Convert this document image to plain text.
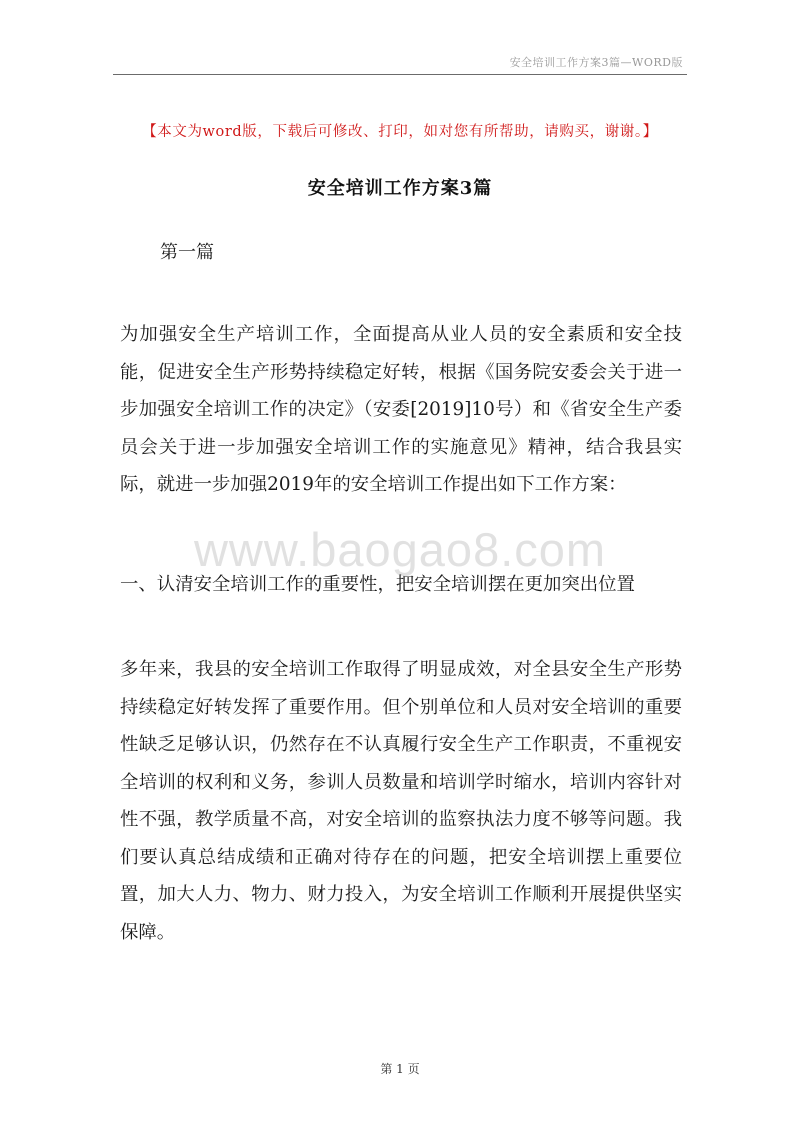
安全培训工作方案3篇—WORD版
【本文为word版，下载后可修改、打印，如对您有所帮助，请购买，谢谢。】
安全培训工作方案3篇
第一篇

为加强安全生产培训工作，全面提高从业人员的安全素质和安全技能，促进安全生产形势持续稳定好转，根据《国务院安委会关于进一步加强安全培训工作的决定》（安委[2019]10号）和《省安全生产委员会关于进一步加强安全培训工作的实施意见》精神，结合我县实际，就进一步加强2019年的安全培训工作提出如下工作方案：

www.baogao8.com
一、认清安全培训工作的重要性，把安全培训摆在更加突出位置

多年来，我县的安全培训工作取得了明显成效，对全县安全生产形势持续稳定好转发挥了重要作用。但个别单位和人员对安全培训的重要性缺乏足够认识，仍然存在不认真履行安全生产工作职责，不重视安全培训的权利和义务，参训人员数量和培训学时缩水，培训内容针对性不强，教学质量不高，对安全培训的监察执法力度不够等问题。我们要认真总结成绩和正确对待存在的问题，把安全培训摆上重要位置，加大人力、物力、财力投入，为安全培训工作顺利开展提供坚实保障。

第 1 页
